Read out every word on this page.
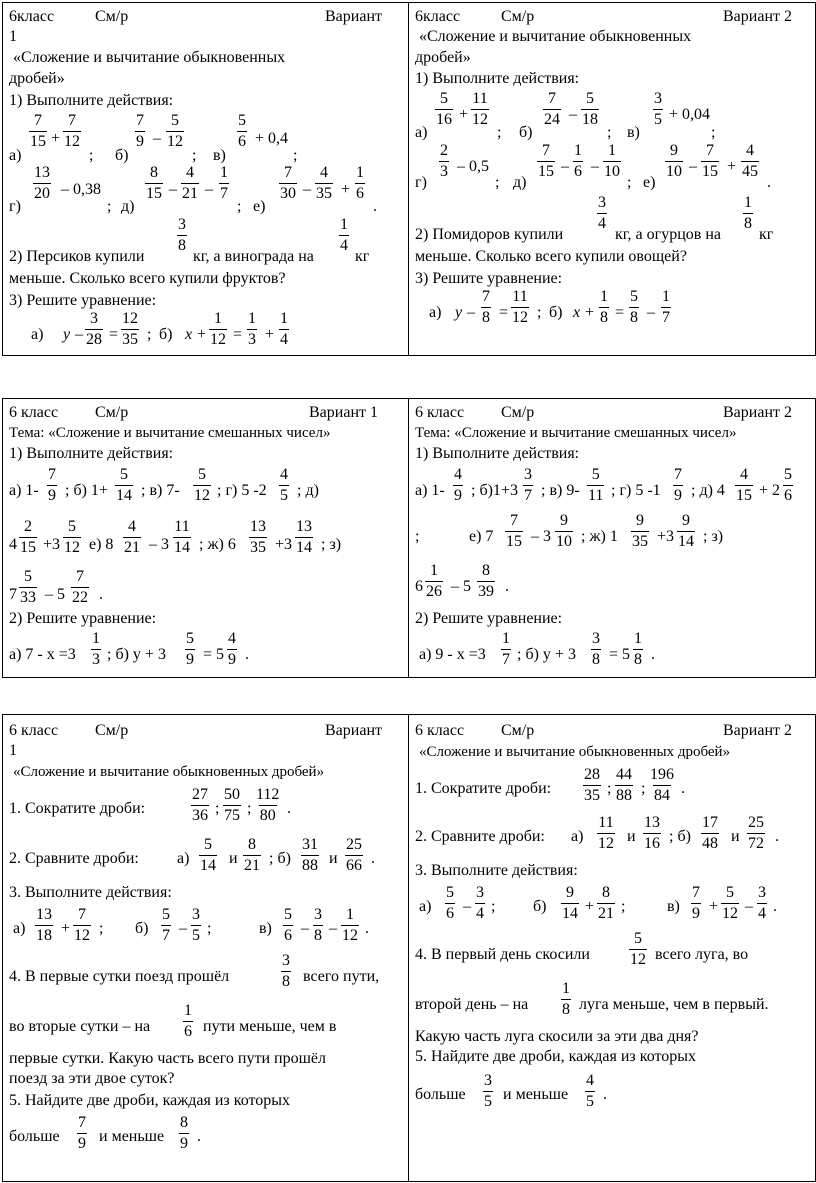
6класс	См/р	Вариант
1
«Сложение и вычитание обыкновенных
дробей»
1) Выполните действия:
а)
7
15 +
7
12
; б)
7
9 –
5
12
; в)
5
6 + 0,4
;
г)
13
20 – 0,38
; д)
8
15 –
4
21 –
1
7
; е)
7
30 –
4
35 +
1
6
.
2) Персиков купили
3
8
кг, а винограда на
1
4
кг
меньше. Сколько всего купили фруктов?
3) Решите уравнение:
а) y –
3
28 =
12
35 ; б) x +
1
12 =
1
3 +
1
4
6класс	См/р	Вариант 2
«Сложение и вычитание обыкновенных
дробей»
1) Выполните действия:
а)
5
16 +
11
12
; б)
7
24 –
5
18
; в)
3
5 + 0,04
;
г)
2
3 – 0,5
; д)
7
15 –
1
6 –
1
10
; е)
9
10 –
7
15 +
4
45
.
2) Помидоров купили
3
4
кг, а огурцов на
1
8
кг
меньше. Сколько всего купили овощей?
3) Решите уравнение:
а) y –
7
8 =
11
12 ; б) x +
1
8 =
5
8 –
1
7
6 класс См/р	Вариант 1
Тема: «Сложение и вычитание смешанных чисел»
1) Выполните действия:
а) 1-
7
9 ; б) 1+
5
14 ; в) 7-
5
12 ; г) 5 -2
4
5 ; д)
4
2
15 +3
5
12 е) 8
4
21 – 3
11
14 ; ж) 6
13
35 +3
13
14 ; з)
7
5
33 – 5
7
22 .
2) Решите уравнение:
а) 7 - х =3
1
3 ; б) у + 3
5
9 = 5
4
9 .
6 класс См/р	Вариант 2
Тема: «Сложение и вычитание смешанных чисел»
1) Выполните действия:
а) 1-
4
9 ; б)1+3
3
7 ; в) 9-
5
11 ; г) 5 -1
7
9 ; д) 4
4
15 + 2
5
6
;	е) 7
7
15 – 3
9
10 ; ж) 1
9
35 +3
9
14 ; з)
6
1
26 – 5
8
39 .
2) Решите уравнение:
а) 9 - х =3
1
7 ; б) у + 3
3
8 = 5
1
8 .
6 класс См/р	Вариант
1
«Сложение и вычитание обыкновенных дробей»
1. Сократите дроби:
27
36 ;
50
75 ;
112
80 .
2. Сравните дроби: а)
5
14 и
8
21 ; б)
31
88 и
25
66 .
3. Выполните действия:
а)
13
18 +
7
12 ; б)
5
7 –
3
5 ;	в)
5
6 –
3
8 –
1
12 .
4. В первые сутки поезд прошёл
3
8 всего пути,
во вторые сутки – на
1
6 пути меньше, чем в
первые сутки. Какую часть всего пути прошёл
поезд за эти двое суток?
5. Найдите две дроби, каждая из которых
больше
7
9 и меньше
8
9 .
6 класс См/р	Вариант 2
«Сложение и вычитание обыкновенных дробей»
1. Сократите дроби:
28
35 ;
44
88 ;
196
84 .
2. Сравните дроби: а)
11
12 и
13
16 ; б)
17
48 и
25
72 .
3. Выполните действия:
а)
5
6 –
3
4 ; б)
9
14 +
8
21 ;	в)
7
9 +
5
12 –
3
4 .
4. В первый день скосили
5
12 всего луга, во
второй день – на
1
8 луга меньше, чем в первый.
Какую часть луга скосили за эти два дня?
5. Найдите две дроби, каждая из которых
больше
3
5 и меньше
4
5 .
